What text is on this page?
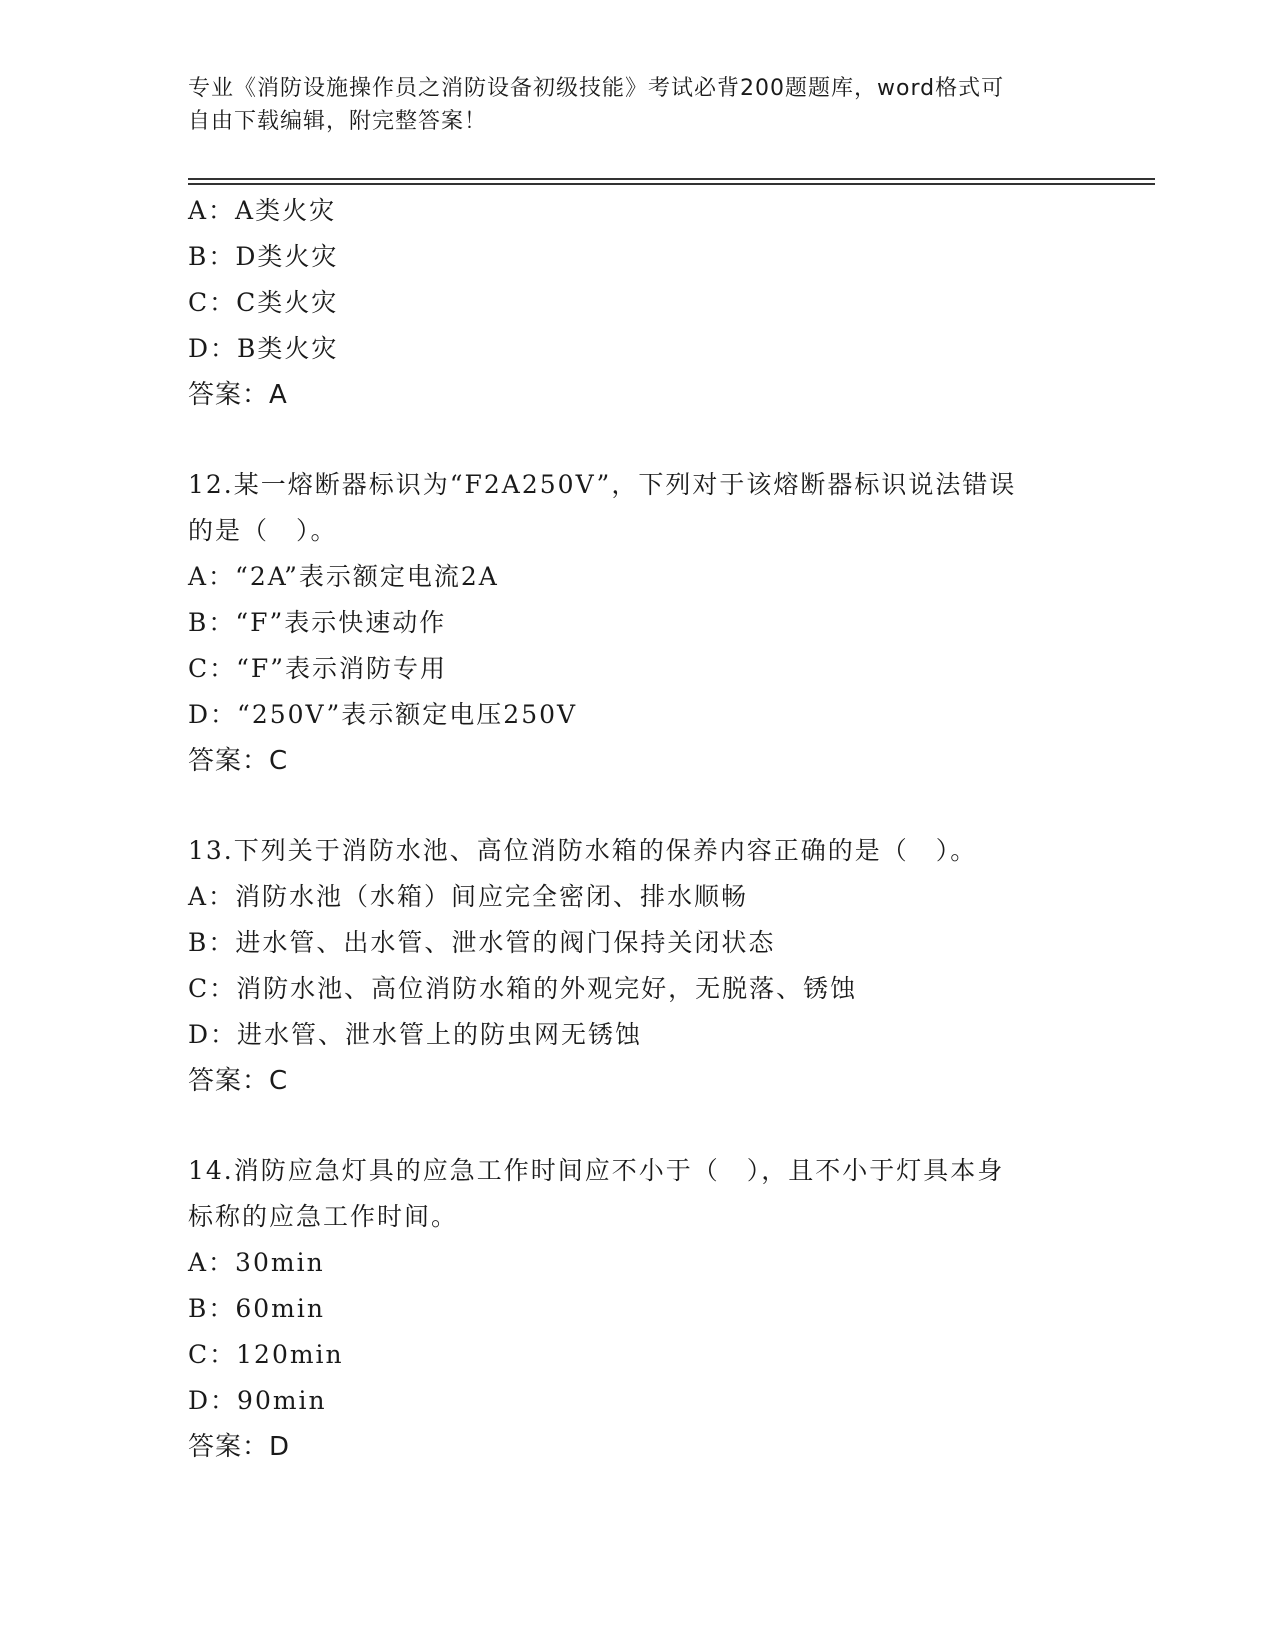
专业《消防设施操作员之消防设备初级技能》考试必背200题题库，word格式可
自由下载编辑，附完整答案！
A：A类火灾
B：D类火灾
C：C类火灾
D：B类火灾
答案：A
12.某一熔断器标识为“F2A250V”，下列对于该熔断器标识说法错误
的是（　）。
A：“2A”表示额定电流2A
B：“F”表示快速动作
C：“F”表示消防专用
D：“250V”表示额定电压250V
答案：C
13.下列关于消防水池、高位消防水箱的保养内容正确的是（　）。
A：消防水池（水箱）间应完全密闭、排水顺畅
B：进水管、出水管、泄水管的阀门保持关闭状态
C：消防水池、高位消防水箱的外观完好，无脱落、锈蚀
D：进水管、泄水管上的防虫网无锈蚀
答案：C
14.消防应急灯具的应急工作时间应不小于（　），且不小于灯具本身
标称的应急工作时间。
A：30min
B：60min
C：120min
D：90min
答案：D
